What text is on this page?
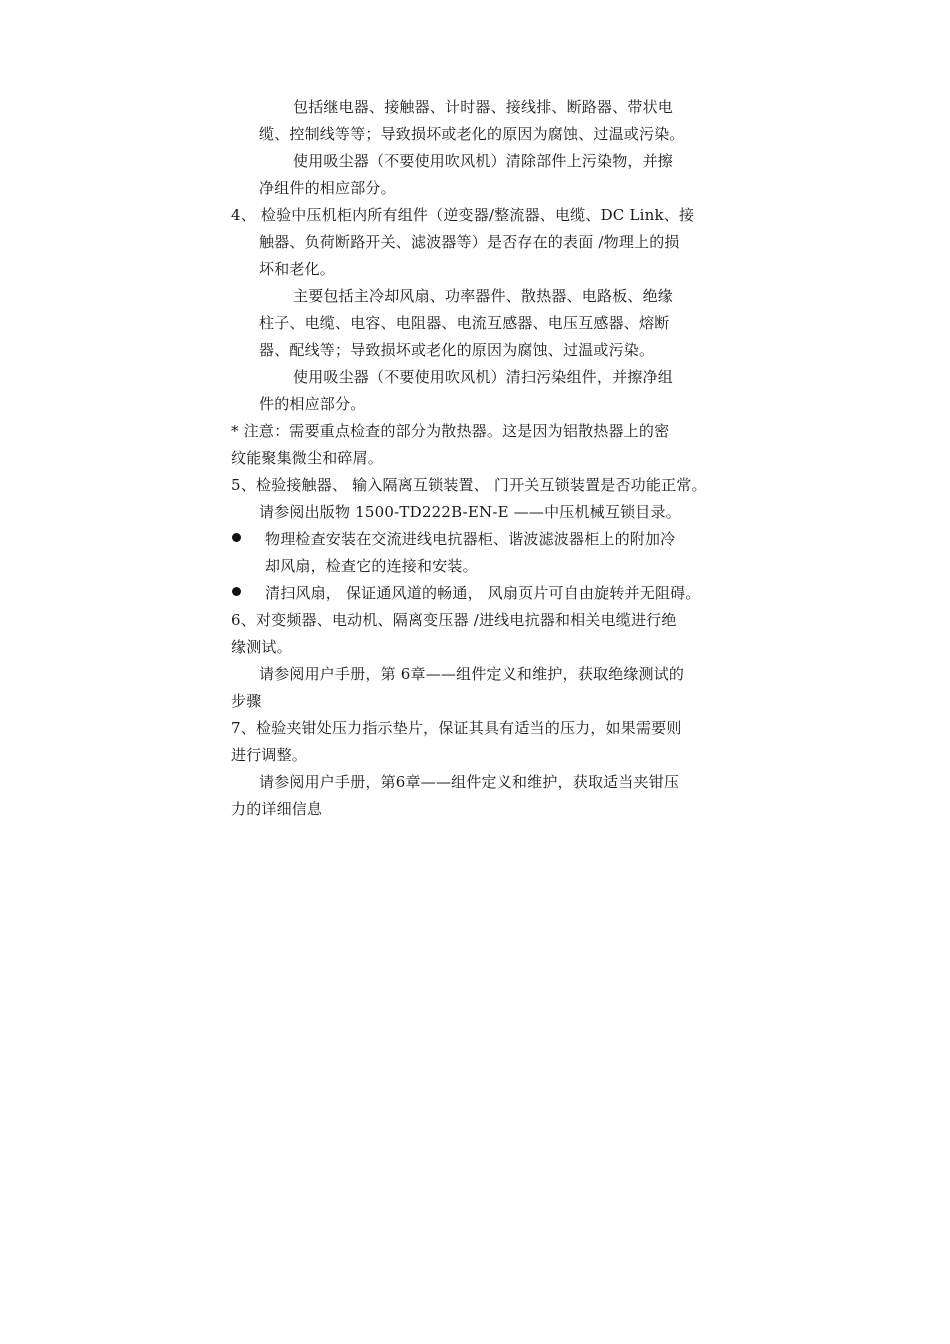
包括继电器、接触器、计时器、接线排、断路器、带状电
缆、控制线等等；导致损坏或老化的原因为腐蚀、过温或污染。
使用吸尘器（不要使用吹风机）清除部件上污染物，并擦
净组件的相应部分。
4、 检验中压机柜内所有组件（逆变器/整流器、电缆、DC Link、接
触器、负荷断路开关、滤波器等）是否存在的表面 /物理上的损
坏和老化。
主要包括主冷却风扇、功率器件、散热器、电路板、绝缘
柱子、电缆、电容、电阻器、电流互感器、电压互感器、熔断
器、配线等；导致损坏或老化的原因为腐蚀、过温或污染。
使用吸尘器（不要使用吹风机）清扫污染组件，并擦净组
件的相应部分。
* 注意：需要重点检查的部分为散热器。这是因为铝散热器上的密
纹能聚集微尘和碎屑。
5、检验接触器、 输入隔离互锁装置、 门开关互锁装置是否功能正常。
请参阅出版物 1500-TD222B-EN-E ——中压机械互锁目录。
物理检查安装在交流进线电抗器柜、谐波滤波器柜上的附加冷
却风扇，检查它的连接和安装。
清扫风扇， 保证通风道的畅通， 风扇页片可自由旋转并无阻碍。
6、对变频器、电动机、隔离变压器 /进线电抗器和相关电缆进行绝
缘测试。
请参阅用户手册，第 6章——组件定义和维护，获取绝缘测试的
步骤
7、检验夹钳处压力指示垫片，保证其具有适当的压力，如果需要则
进行调整。
请参阅用户手册，第6章——组件定义和维护，获取适当夹钳压
力的详细信息
